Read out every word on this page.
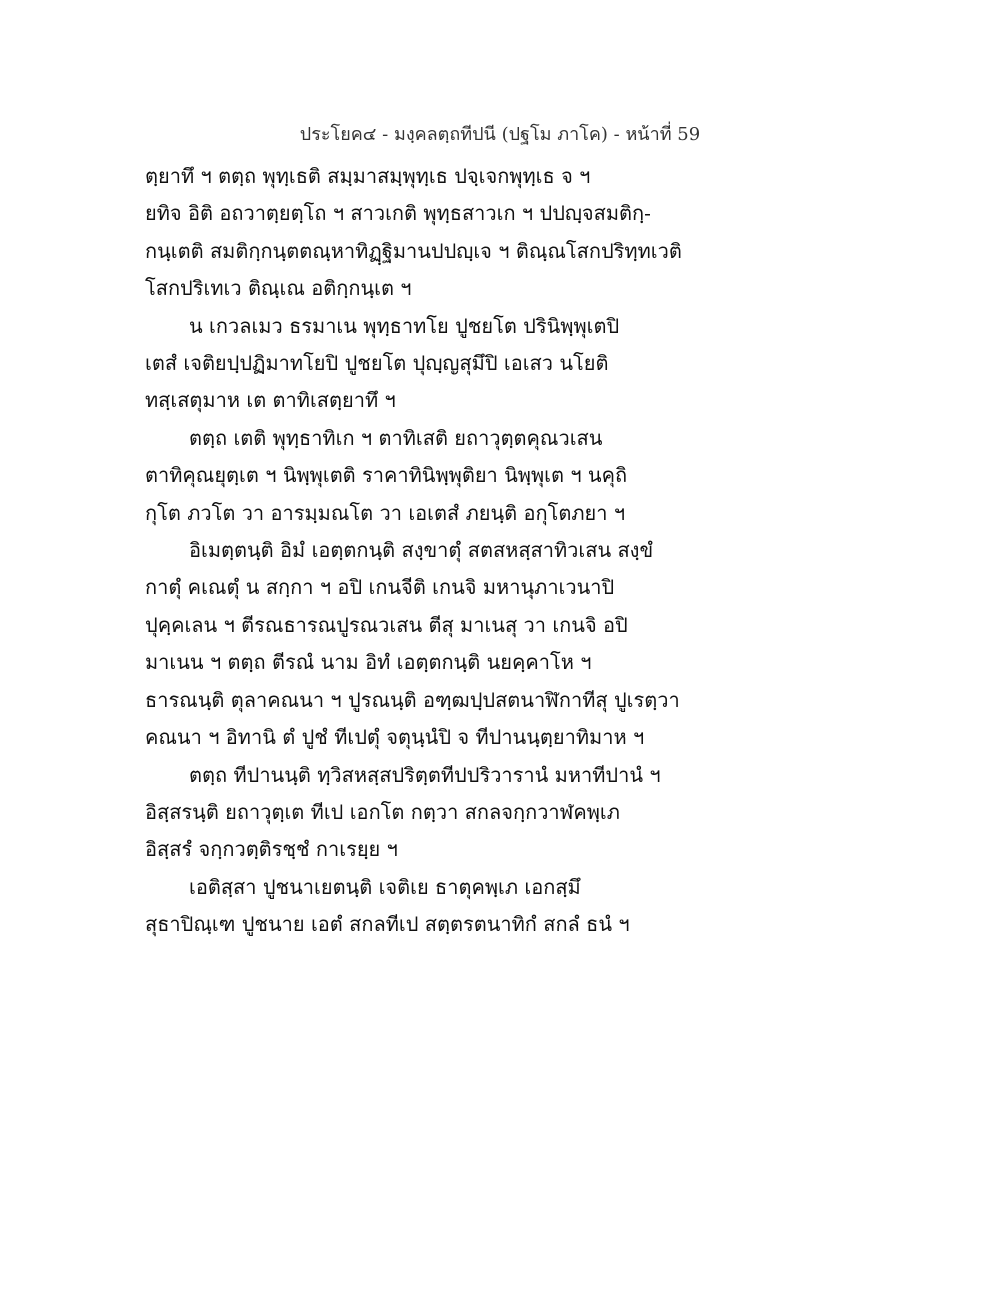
ประโยค๔ - มงฺคลตฺถทีปนี (ปฐโม ภาโค) - หน้าที่ 59
ตฺยาทึ ฯ ตตฺถ พุทฺเธติ สมฺมาสมฺพุทฺเธ ปจฺเจกพุทฺเธ จ ฯ
ยทิจ อิติ อถวาตฺยตฺโถ ฯ สาวเกติ พุทฺธสาวเก ฯ ปปญฺจสมติกฺ-
กนฺเตติ สมติกฺกนฺตตณฺหาทิฏฺฐิมานปปญฺเจ ฯ ติณฺณโสกปริทฺทเวติ
โสกปริเทเว ติณฺเณ อติกฺกนฺเต ฯ
น เกวลเมว ธรมาเน พุทฺธาทโย ปูชยโต ปรินิพฺพุเตปิ
เตสํ เจติยปฺปฏิมาทโยปิ ปูชยโต ปุญฺญสุมึปิ เอเสว นโยติ
ทสฺเสตุมาห เต ตาทิเสตฺยาทึ ฯ
ตตฺถ เตติ พุทฺธาทิเก ฯ ตาทิเสติ ยถาวุตฺตคุณวเสน
ตาทิคุณยุตฺเต ฯ นิพฺพุเตติ ราคาทินิพฺพุติยา นิพฺพุเต ฯ นคุถิ
กุโต ภวโต วา อารมฺมณโต วา เอเตสํ ภยนฺติ อกุโตภยา ฯ
อิเมตฺตนฺติ อิมํ เอตฺตกนฺติ สงฺขาตุํ สตสหสฺสาทิวเสน สงฺขํ
กาตุํ คเณตุํ น สกฺกา ฯ อปิ เกนจีติ เกนจิ มหานุภาเวนาปิ
ปุคฺคเลน ฯ ตีรณธารณปูรณวเสน ตีสุ มาเนสุ วา เกนจิ อปิ
มาเนน ฯ ตตฺถ ตีรณํ นาม อิทํ เอตฺตกนฺติ นยคฺคาโห ฯ
ธารณนฺติ ตุลาคณนา ฯ ปูรณนฺติ อฑฺฒปฺปสตนาฬิกาทีสุ ปูเรตฺวา
คณนา ฯ อิทานิ ตํ ปูชํ ทีเปตุํ จตุนฺนํปิ จ ทีปานนฺตฺยาทิมาห ฯ
ตตฺถ ทีปานนฺติ ทฺวิสหสฺสปริตฺตทีปปริวารานํ มหาทีปานํ ฯ
อิสฺสรนฺติ ยถาวุตฺเต ทีเป เอกโต กตฺวา สกลจกฺกวาฬคพฺเภ
อิสฺสรํ จกฺกวตฺติรชฺชํ กาเรยฺย ฯ
เอติสฺสา ปูชนาเยตนฺติ เจติเย ธาตุคพฺเภ เอกสฺมึ
สุธาปิณฺเฑ ปูชนาย เอตํ สกลทีเป สตฺตรตนาทิกํ สกลํ ธนํ ฯ
